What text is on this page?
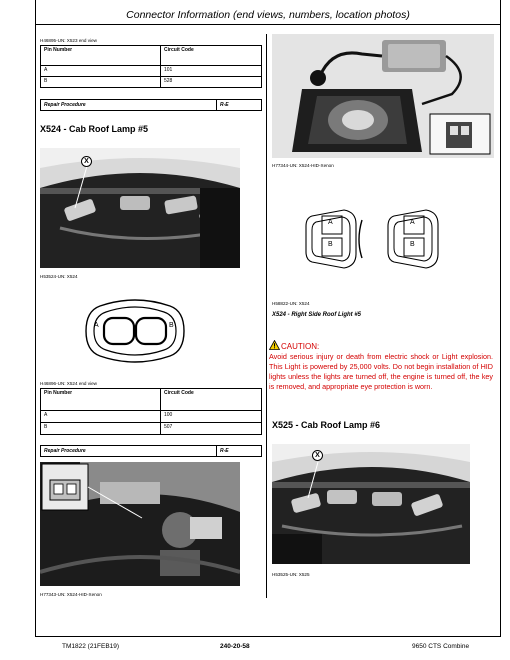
Connector Information (end views, numbers, location photos)
H46895-UN: X523 end view
Pin Number	Circuit Code
A	101
B	528
Repair Procedure	R-E
X524 - Cab Roof Lamp #5
X
H53524-UN: X524
A	B
H46896-UN: X524 end view
Pin Number	Circuit Code
A	100
B	507
Repair Procedure	R-E
H77343-UN: X524-HID-Xenon
H77344-UN: X524-HID-Xenon
A
B
A
B
H58822-UN: X524
X524 - Right Side Roof Light #5
CAUTION:
Avoid serious injury or death from electric shock or Light explosion. This Light is powered by 25,000 volts. Do not begin installation of HID lights unless the lights are turned off, the engine is turned off, the key is removed, and appropriate eye protection is worn.
X525 - Cab Roof Lamp #6
X
H53525-UN: X525
TM1822 (21FEB19)	240-20-58	9650 CTS Combine
